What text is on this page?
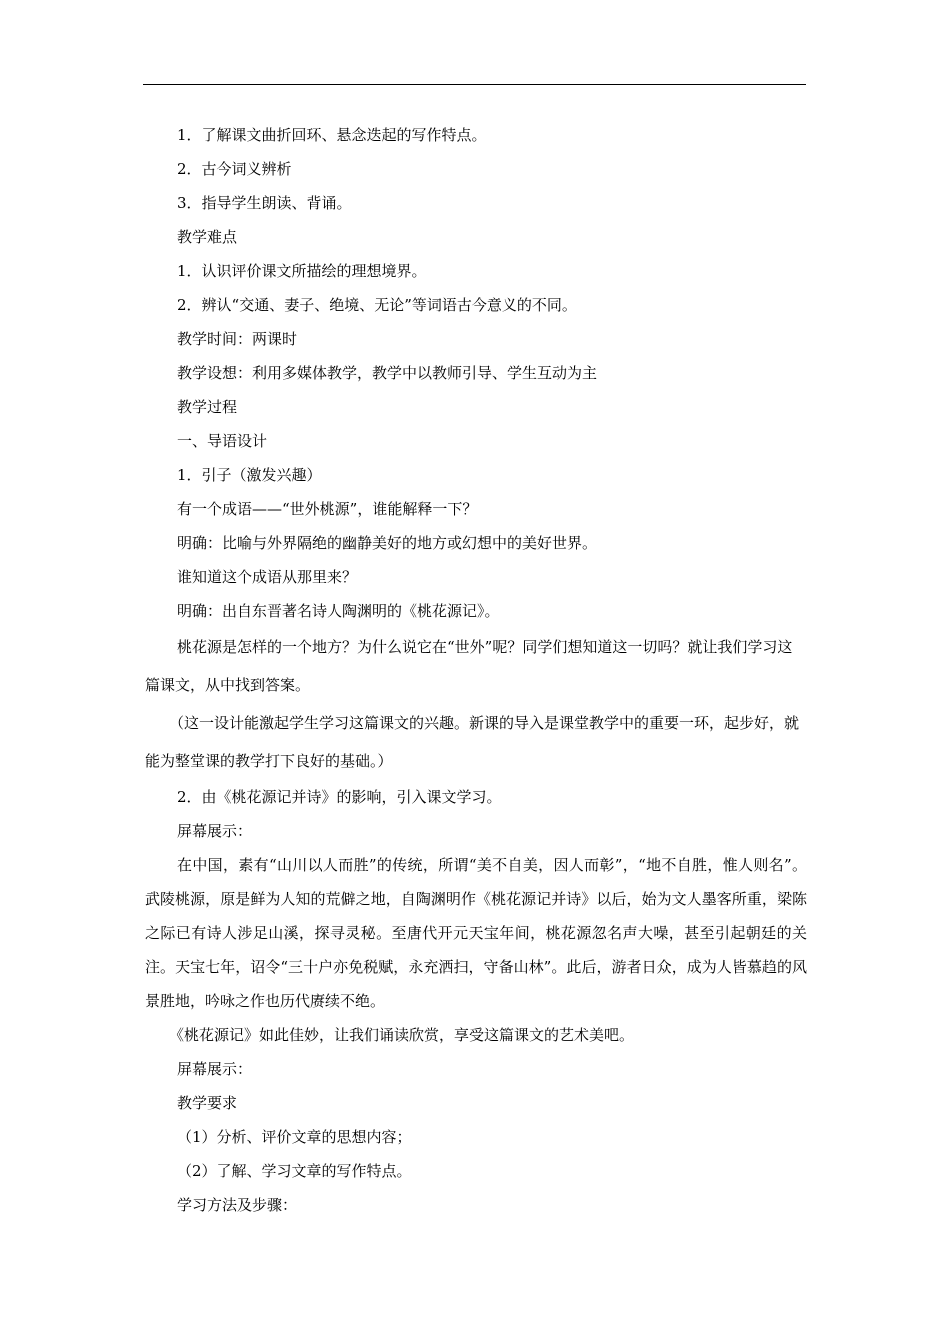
1．了解课文曲折回环、悬念迭起的写作特点。
2．古今词义辨析
3．指导学生朗读、背诵。
教学难点
1．认识评价课文所描绘的理想境界。
2．辨认“交通、妻子、绝境、无论”等词语古今意义的不同。
教学时间：两课时
教学设想：利用多媒体教学，教学中以教师引导、学生互动为主
教学过程
一、导语设计
1．引子（激发兴趣）
有一个成语——“世外桃源”，谁能解释一下？
明确：比喻与外界隔绝的幽静美好的地方或幻想中的美好世界。
谁知道这个成语从那里来？
明确：出自东晋著名诗人陶渊明的《桃花源记》。

桃花源是怎样的一个地方？为什么说它在“世外”呢？同学们想知道这一切吗？就让我们学习这篇课文，从中找到答案。

（这一设计能激起学生学习这篇课文的兴趣。新课的导入是课堂教学中的重要一环，起步好，就能为整堂课的教学打下良好的基础。）

2．由《桃花源记并诗》的影响，引入课文学习。
屏幕展示：

在中国，素有“山川以人而胜”的传统，所谓“美不自美，因人而彰”，“地不自胜，惟人则名”。武陵桃源，原是鲜为人知的荒僻之地，自陶渊明作《桃花源记并诗》以后，始为文人墨客所重，梁陈之际已有诗人涉足山溪，探寻灵秘。至唐代开元天宝年间，桃花源忽名声大噪，甚至引起朝廷的关注。天宝七年，诏令“三十户亦免税赋，永充洒扫，守备山林”。此后，游者日众，成为人皆慕趋的风景胜地，吟咏之作也历代赓续不绝。

《桃花源记》如此佳妙，让我们诵读欣赏，享受这篇课文的艺术美吧。
屏幕展示：
教学要求
（1）分析、评价文章的思想内容；
（2）了解、学习文章的写作特点。
学习方法及步骤：
